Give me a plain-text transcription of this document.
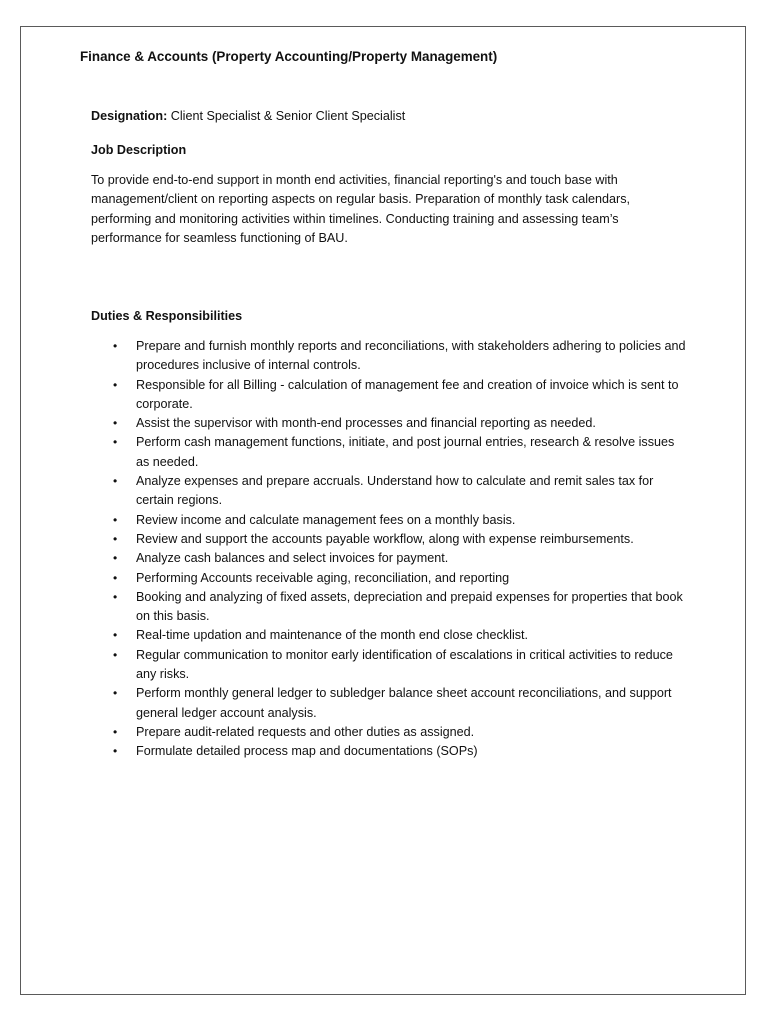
Finance & Accounts (Property Accounting/Property Management)

Designation: Client Specialist & Senior Client Specialist

Job Description

To provide end-to-end support in month end activities, financial reporting's and touch base with management/client on reporting aspects on regular basis. Preparation of monthly task calendars, performing and monitoring activities within timelines. Conducting training and assessing team’s performance for seamless functioning of BAU.

Duties & Responsibilities
• Prepare and furnish monthly reports and reconciliations, with stakeholders adhering to policies and procedures inclusive of internal controls.
• Responsible for all Billing - calculation of management fee and creation of invoice which is sent to corporate.
• Assist the supervisor with month-end processes and financial reporting as needed.
• Perform cash management functions, initiate, and post journal entries, research & resolve issues as needed.
• Analyze expenses and prepare accruals. Understand how to calculate and remit sales tax for certain regions.
• Review income and calculate management fees on a monthly basis.
• Review and support the accounts payable workflow, along with expense reimbursements.
• Analyze cash balances and select invoices for payment.
• Performing Accounts receivable aging, reconciliation, and reporting
• Booking and analyzing of fixed assets, depreciation and prepaid expenses for properties that book on this basis.
• Real-time updation and maintenance of the month end close checklist.
• Regular communication to monitor early identification of escalations in critical activities to reduce any risks.
• Perform monthly general ledger to subledger balance sheet account reconciliations, and support general ledger account analysis.
• Prepare audit-related requests and other duties as assigned.
• Formulate detailed process map and documentations (SOPs)
